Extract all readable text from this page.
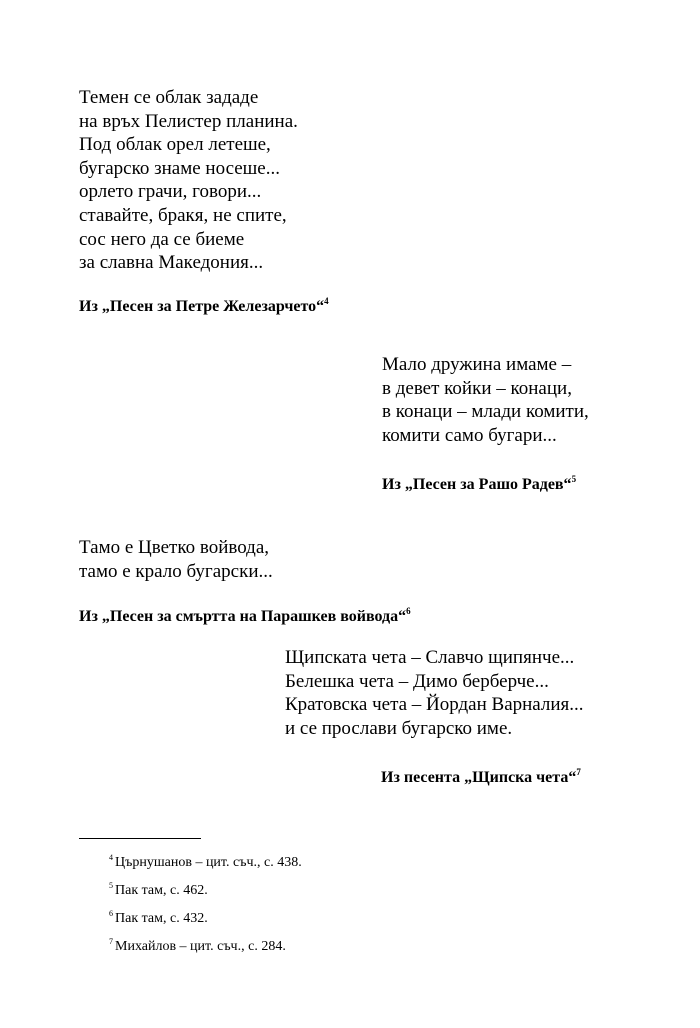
Темен се облак зададе
на връх Пелистер планина.
Под облак орел летеше,
бугарско знаме носеше...
орлето грачи, говори...
ставайте, бракя, не спите,
сос него да се биеме
за славна Македония...

Из „Песен за Петре Железарчето“$^4$

Мало дружина имаме –
в девет койки – конаци,
в конаци – млади комити,
комити само бугари...

Из „Песен за Рашо Радев“$^5$

Тамо е Цветко войвода,
тамо е крало бугарски...

Из „Песен за смъртта на Парашкев войвода“$^6$

Щипската чета – Славчо щипянче...
Белешка чета – Димо берберче...
Кратовска чета – Йордан Варналия...
и се прослави бугарско име.

Из песента „Щипска чета“$^7$

$^4$ Църнушанов – цит. съч., с. 438.
$^5$ Пак там, с. 462.
$^6$ Пак там, с. 432.
$^7$ Михайлов – цит. съч., с. 284.
